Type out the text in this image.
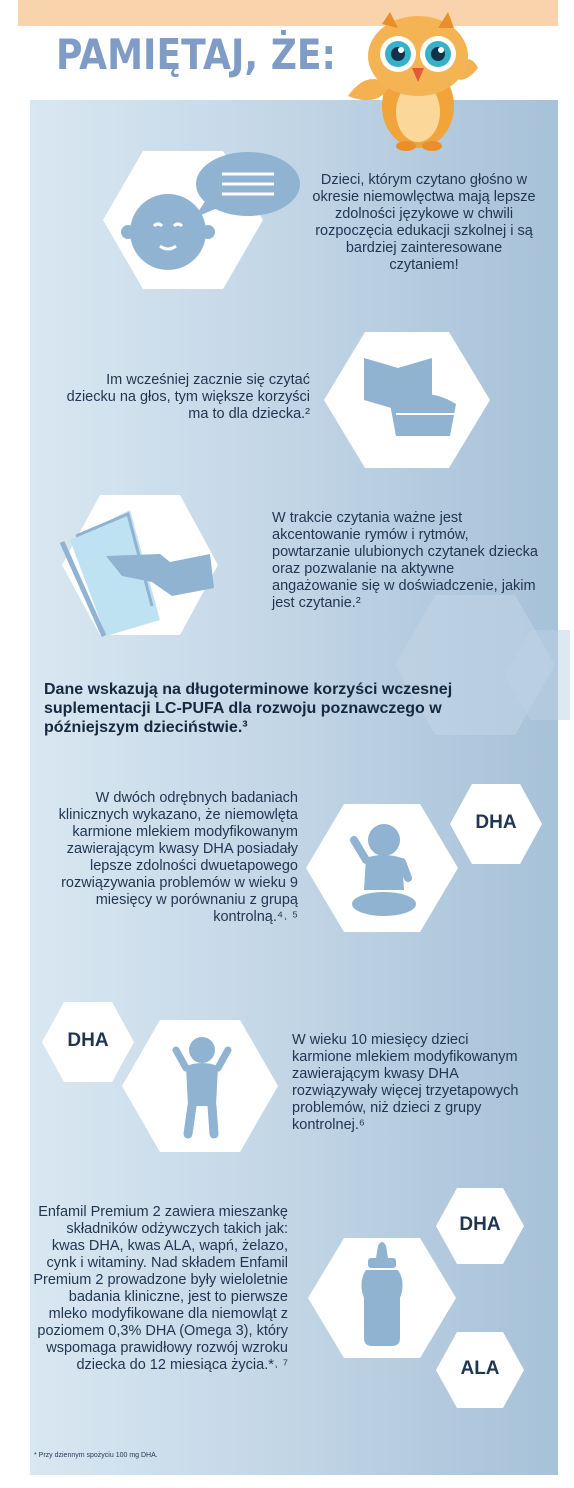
PAMIĘTAJ, ŻE:
Dzieci, którym czytano głośno w okresie niemowlęctwa mają lepsze zdolności językowe w chwili rozpoczęcia edukacji szkolnej i są bardziej zainteresowane czytaniem!
Im wcześniej zacznie się czytać dziecku na głos, tym większe korzyści ma to dla dziecka.²
W trakcie czytania ważne jest akcentowanie rymów i rytmów, powtarzanie ulubionych czytanek dziecka oraz pozwalanie na aktywne angażowanie się w doświadczenie, jakim jest czytanie.²
Dane wskazują na długoterminowe korzyści wczesnej suplementacji LC-PUFA dla rozwoju poznawczego w późniejszym dzieciństwie.³
W dwóch odrębnych badaniach klinicznych wykazano, że niemowlęta karmione mlekiem modyfikowanym zawierającym kwasy DHA posiadały lepsze zdolności dwuetapowego rozwiązywania problemów w wieku 9 miesięcy w porównaniu z grupą kontrolną.⁴˒ ⁵
DHA
DHA	W wieku 10 miesięcy dzieci karmione mlekiem modyfikowanym zawierającym kwasy DHA rozwiązywały więcej trzyetapowych problemów, niż dzieci z grupy kontrolnej.⁶
Enfamil Premium 2 zawiera mieszankę składników odżywczych takich jak: kwas DHA, kwas ALA, wapń, żelazo, cynk i witaminy. Nad składem Enfamil Premium 2 prowadzone były wieloletnie badania kliniczne, jest to pierwsze mleko modyfikowane dla niemowląt z poziomem 0,3% DHA (Omega 3), który wspomaga prawidłowy rozwój wzroku dziecka do 12 miesiąca życia.*˒ ⁷
DHA
ALA
* Przy dziennym spożyciu 100 mg DHA.
